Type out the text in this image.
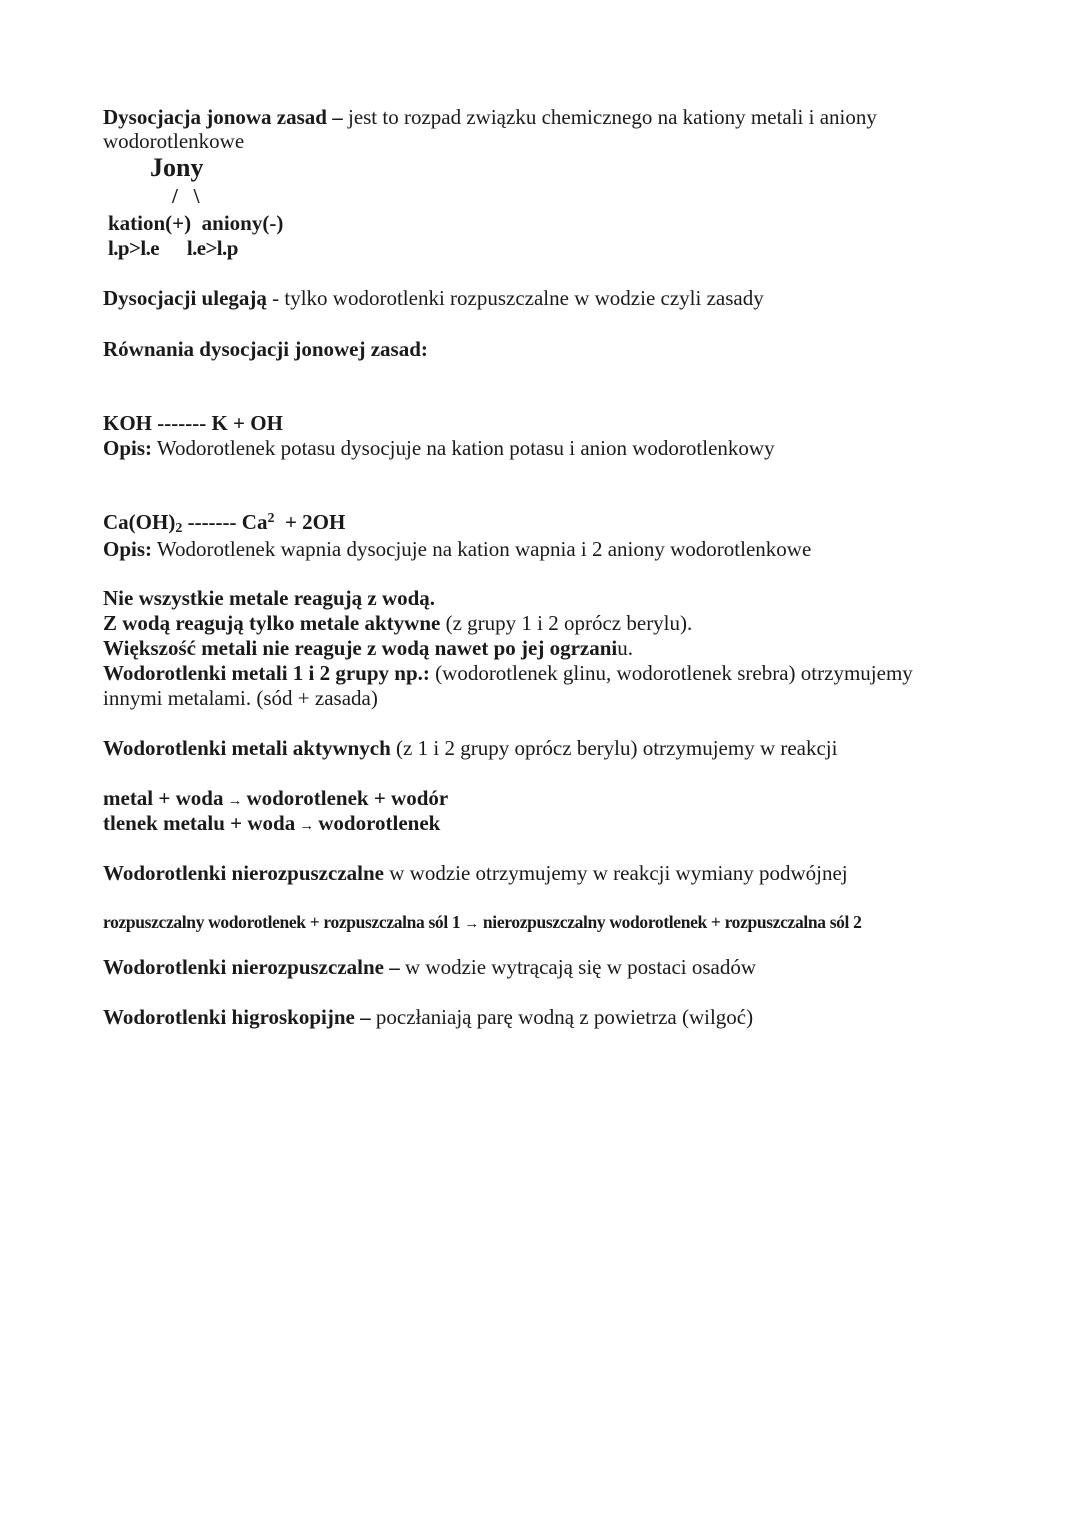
Dysocjacja jonowa zasad – jest to rozpad związku chemicznego na kationy metali i aniony
wodorotlenkowe
Jony
/   \
kation(+)  aniony(-)
l.p>l.e      l.e>l.p
Dysocjacji ulegają - tylko wodorotlenki rozpuszczalne w wodzie czyli zasady
Równania dysocjacji jonowej zasad:
KOH ------- K + OH
Opis: Wodorotlenek potasu dysocjuje na kation potasu i anion wodorotlenkowy
$Ca(OH)_2$ ------- Ca$^2$  + 2OH
Opis: Wodorotlenek wapnia dysocjuje na kation wapnia i 2 aniony wodorotlenkowe
Nie wszystkie metale reagują z wodą.
Z wodą reagują tylko metale aktywne (z grupy 1 i 2 oprócz berylu).
Większość metali nie reaguje z wodą nawet po jej ogrzaniu.
Wodorotlenki metali 1 i 2 grupy np.: (wodorotlenek glinu, wodorotlenek srebra) otrzymujemy
innymi metalami. (sód + zasada)
Wodorotlenki metali aktywnych (z 1 i 2 grupy oprócz berylu) otrzymujemy w reakcji
metal + woda → wodorotlenek + wodór
tlenek metalu + woda → wodorotlenek
Wodorotlenki nierozpuszczalne w wodzie otrzymujemy w reakcji wymiany podwójnej
rozpuszczalny wodorotlenek + rozpuszczalna sól 1 → nierozpuszczalny wodorotlenek + rozpuszczalna sól 2
Wodorotlenki nierozpuszczalne – w wodzie wytrącają się w postaci osadów
Wodorotlenki higroskopijne – poczłaniają parę wodną z powietrza (wilgoć)
